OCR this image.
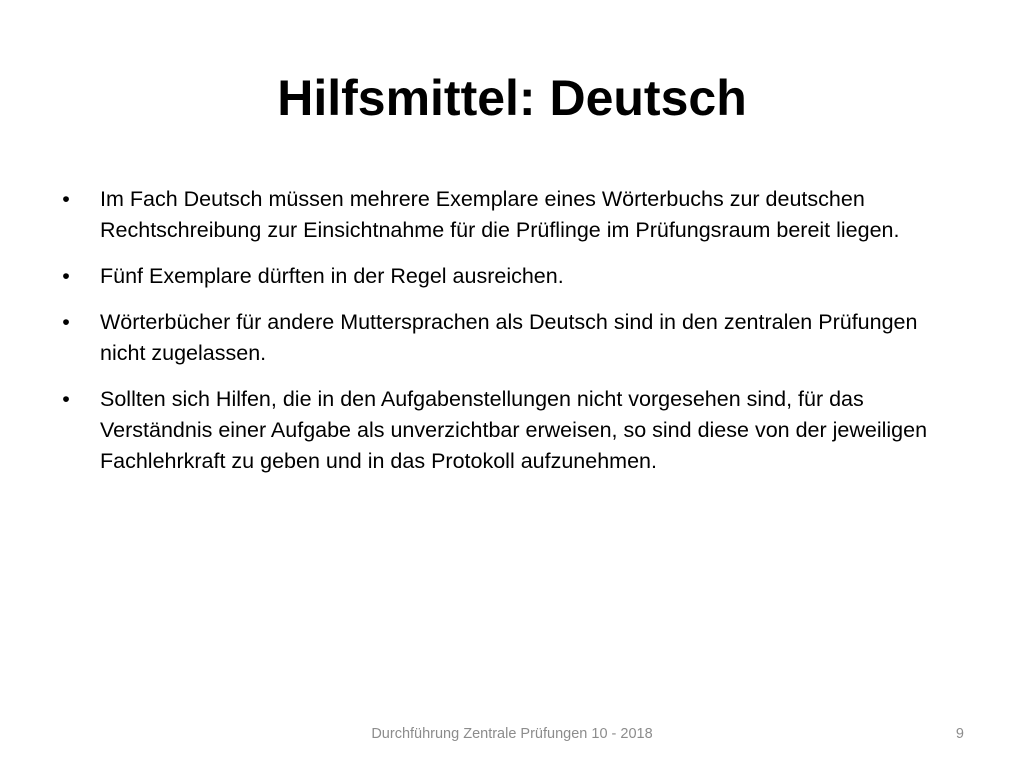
Hilfsmittel: Deutsch
• Im Fach Deutsch müssen mehrere Exemplare eines Wörterbuchs zur deutschen Rechtschreibung zur Einsichtnahme für die Prüflinge im Prüfungsraum bereit liegen.
• Fünf Exemplare dürften in der Regel ausreichen.
• Wörterbücher für andere Muttersprachen als Deutsch sind in den zentralen Prüfungen nicht zugelassen.
• Sollten sich Hilfen, die in den Aufgabenstellungen nicht vorgesehen sind, für das Verständnis einer Aufgabe als unverzichtbar erweisen, so sind diese von der jeweiligen Fachlehrkraft zu geben und in das Protokoll aufzunehmen.
Durchführung Zentrale Prüfungen 10 - 2018	9
